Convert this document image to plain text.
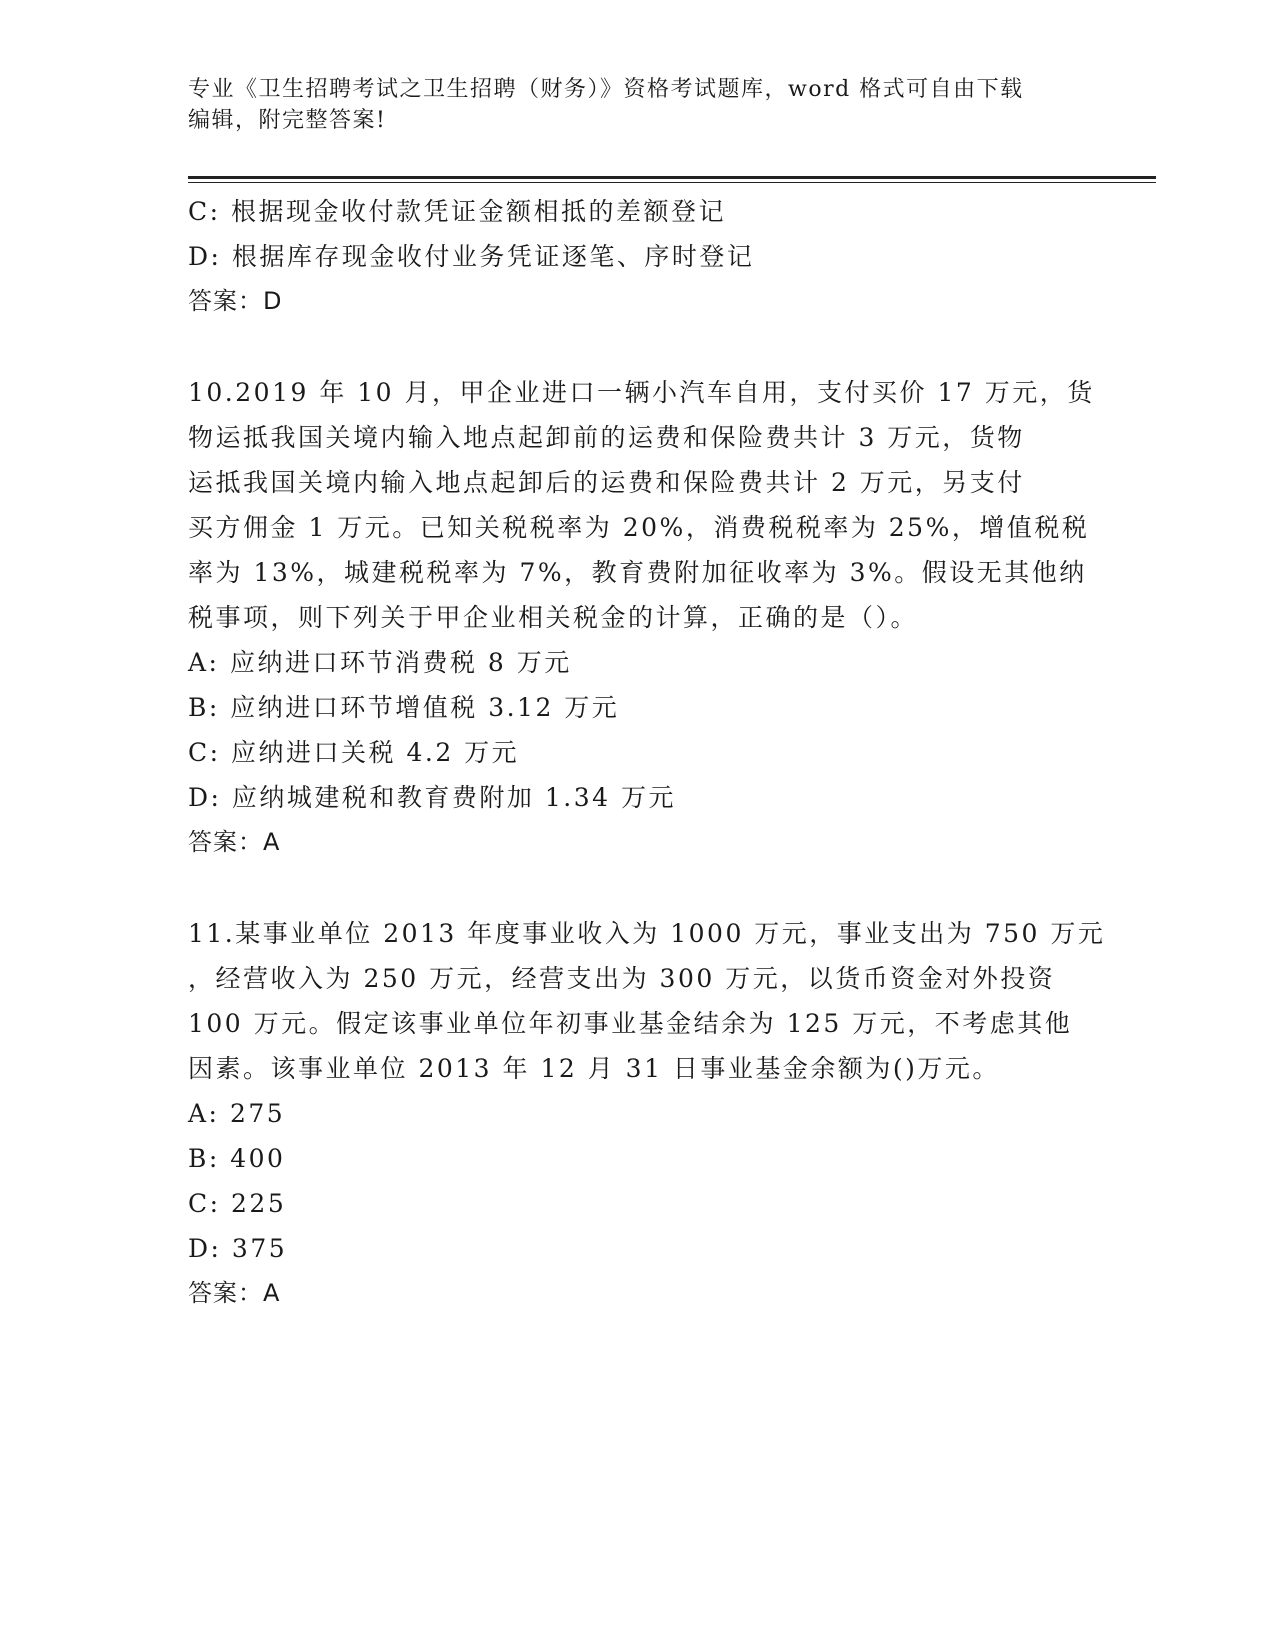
专业《卫生招聘考试之卫生招聘（财务）》资格考试题库，word 格式可自由下载
编辑，附完整答案!
C: 根据现金收付款凭证金额相抵的差额登记
D: 根据库存现金收付业务凭证逐笔、序时登记
答案：D
10.2019 年 10 月，甲企业进口一辆小汽车自用，支付买价 17 万元，货
物运抵我国关境内输入地点起卸前的运费和保险费共计 3 万元，货物
运抵我国关境内输入地点起卸后的运费和保险费共计 2 万元，另支付
买方佣金 1 万元。已知关税税率为 20%，消费税税率为 25%，增值税税
率为 13%，城建税税率为 7%，教育费附加征收率为 3%。假设无其他纳
税事项，则下列关于甲企业相关税金的计算，正确的是（）。
A: 应纳进口环节消费税 8 万元
B: 应纳进口环节增值税 3.12 万元
C: 应纳进口关税 4.2 万元
D: 应纳城建税和教育费附加 1.34 万元
答案：A
11.某事业单位 2013 年度事业收入为 1000 万元，事业支出为 750 万元
，经营收入为 250 万元，经营支出为 300 万元，以货币资金对外投资
100 万元。假定该事业单位年初事业基金结余为 125 万元，不考虑其他
因素。该事业单位 2013 年 12 月 31 日事业基金余额为()万元。
A: 275
B: 400
C: 225
D: 375
答案：A
